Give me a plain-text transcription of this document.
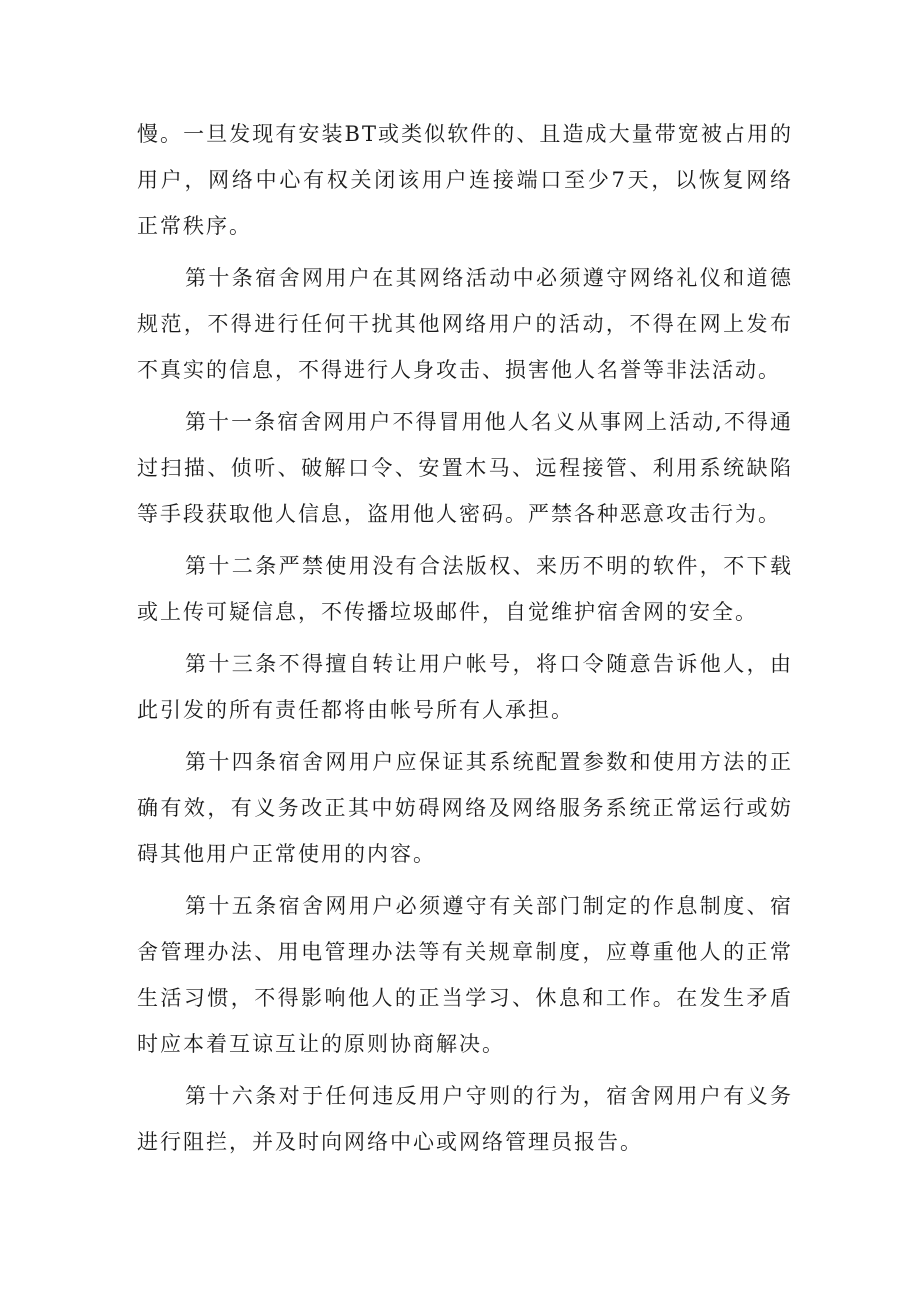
慢。一旦发现有安装BT或类似软件的、且造成大量带宽被占用的用户，网络中心有权关闭该用户连接端口至少7天，以恢复网络正常秩序。

第十条宿舍网用户在其网络活动中必须遵守网络礼仪和道德规范，不得进行任何干扰其他网络用户的活动，不得在网上发布不真实的信息，不得进行人身攻击、损害他人名誉等非法活动。

第十一条宿舍网用户不得冒用他人名义从事网上活动,不得通过扫描、侦听、破解口令、安置木马、远程接管、利用系统缺陷等手段获取他人信息，盗用他人密码。严禁各种恶意攻击行为。

第十二条严禁使用没有合法版权、来历不明的软件，不下载或上传可疑信息，不传播垃圾邮件，自觉维护宿舍网的安全。

第十三条不得擅自转让用户帐号，将口令随意告诉他人，由此引发的所有责任都将由帐号所有人承担。

第十四条宿舍网用户应保证其系统配置参数和使用方法的正确有效，有义务改正其中妨碍网络及网络服务系统正常运行或妨碍其他用户正常使用的内容。

第十五条宿舍网用户必须遵守有关部门制定的作息制度、宿舍管理办法、用电管理办法等有关规章制度，应尊重他人的正常生活习惯，不得影响他人的正当学习、休息和工作。在发生矛盾时应本着互谅互让的原则协商解决。

第十六条对于任何违反用户守则的行为，宿舍网用户有义务进行阻拦，并及时向网络中心或网络管理员报告。
